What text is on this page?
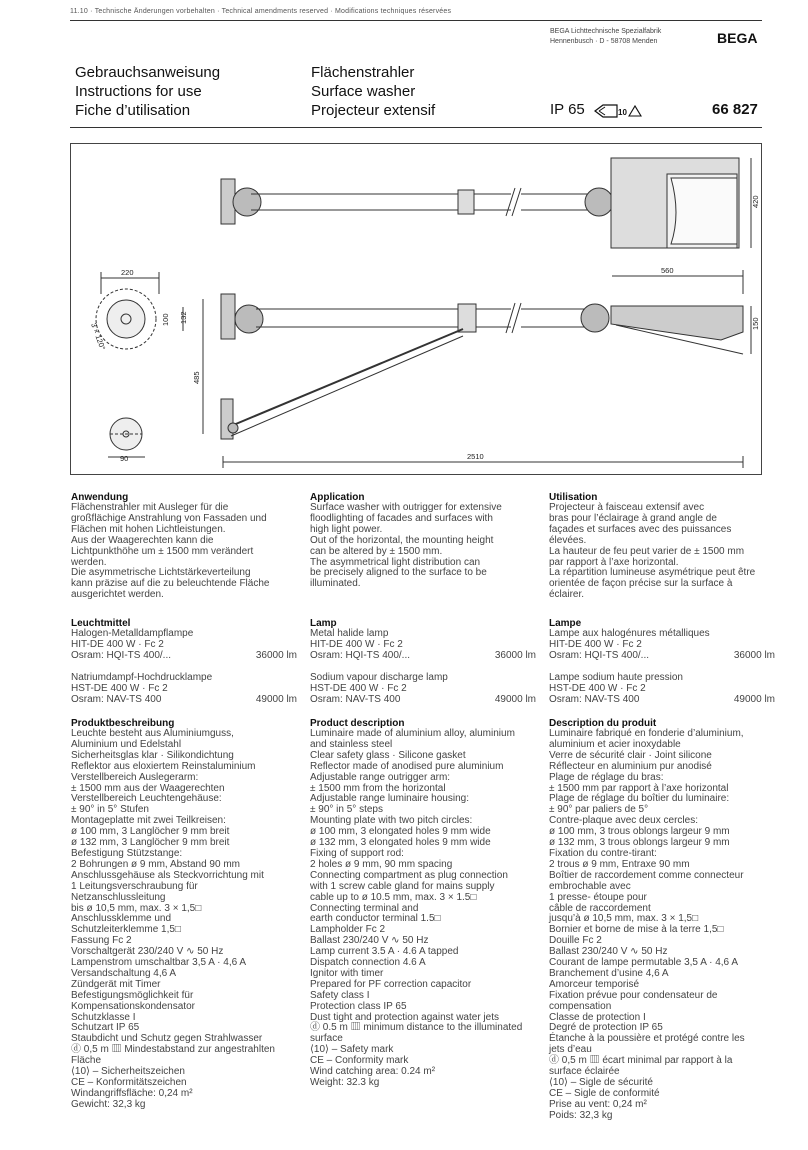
11.10 · Technische Änderungen vorbehalten · Technical amendments reserved · Modifications techniques réservées
BEGA Lichttechnische Spezialfabrik
Hennenbusch · D - 58708 Menden	BEGA
Gebrauchsanweisung
Instructions for use
Fiche d’utilisation
Flächenstrahler
Surface washer
Projecteur extensif	IP 65	10	66 827
220
132
100
3 × 120°
90
485
560
420
150
2510
Anwendung
Flächenstrahler mit Ausleger für die
großflächige Anstrahlung von Fassaden und
Flächen mit hohen Lichtleistungen.
Aus der Waagerechten kann die
Lichtpunkthöhe um ± 1500 mm verändert
werden.
Die asymmetrische Lichtstärkeverteilung
kann präzise auf die zu beleuchtende Fläche
ausgerichtet werden.
Leuchtmittel
Halogen-Metalldampflampe
HIT-DE 400 W · Fc 2
Osram: HQI-TS 400/...	36000 lm
Natriumdampf-Hochdrucklampe
HST-DE 400 W · Fc 2
Osram: NAV-TS 400	49000 lm
Produktbeschreibung
Leuchte besteht aus Aluminiumguss,
Aluminium und Edelstahl
Sicherheitsglas klar · Silikondichtung
Reflektor aus eloxiertem Reinstaluminium
Verstellbereich Auslegerarm:
± 1500 mm aus der Waagerechten
Verstellbereich Leuchtengehäuse:
± 90° in 5° Stufen
Montageplatte mit zwei Teilkreisen:
ø 100 mm, 3 Langlöcher 9 mm breit
ø 132 mm, 3 Langlöcher 9 mm breit
Befestigung Stützstange:
2 Bohrungen ø 9 mm, Abstand 90 mm
Anschlussgehäuse als Steckvorrichtung mit
1 Leitungsverschraubung für
Netzanschlussleitung
bis ø 10,5 mm, max. 3 × 1,5□
Anschlussklemme und
Schutzleiterklemme 1,5□
Fassung Fc 2
Vorschaltgerät 230/240 V ∿ 50 Hz
Lampenstrom umschaltbar 3,5 A · 4,6 A
Versandschaltung 4,6 A
Zündgerät mit Timer
Befestigungsmöglichkeit für
Kompensationskondensator
Schutzklasse I
Schutzart IP 65
Staubdicht und Schutz gegen Strahlwasser
ⓓ 0,5 m ▥ Mindestabstand zur angestrahlten
Fläche
⟨10⟩ – Sicherheitszeichen
CE – Konformitätszeichen
Windangriffsfläche: 0,24 m²
Gewicht: 32,3 kg
Application
Surface washer with outrigger for extensive
floodlighting of facades and surfaces with
high light power.
Out of the horizontal, the mounting height
can be altered by ± 1500 mm.
The asymmetrical light distribution can
be precisely aligned to the surface to be
illuminated.
Lamp
Metal halide lamp
HIT-DE 400 W · Fc 2
Osram: HQI-TS 400/...	36000 lm
Sodium vapour discharge lamp
HST-DE 400 W · Fc 2
Osram: NAV-TS 400	49000 lm
Product description
Luminaire made of aluminium alloy, aluminium
and stainless steel
Clear safety glass · Silicone gasket
Reflector made of anodised pure aluminium
Adjustable range outrigger arm:
± 1500 mm from the horizontal
Adjustable range luminaire housing:
± 90° in 5° steps
Mounting plate with two pitch circles:
ø 100 mm, 3 elongated holes 9 mm wide
ø 132 mm, 3 elongated holes 9 mm wide
Fixing of support rod:
2 holes ø 9 mm, 90 mm spacing
Connecting compartment as plug connection
with 1 screw cable gland for mains supply
cable up to ø 10.5 mm, max. 3 × 1.5□
Connecting terminal and
earth conductor terminal 1.5□
Lampholder Fc 2
Ballast 230/240 V ∿ 50 Hz
Lamp current 3.5 A · 4.6 A tapped
Dispatch connection 4.6 A
Ignitor with timer
Prepared for PF correction capacitor
Safety class I
Protection class IP 65
Dust tight and protection against water jets
ⓓ 0.5 m ▥ minimum distance to the illuminated
surface
⟨10⟩ – Safety mark
CE – Conformity mark
Wind catching area: 0.24 m²
Weight: 32.3 kg
Utilisation
Projecteur à faisceau extensif avec
bras pour l’éclairage à grand angle de
façades et surfaces avec des puissances
élevées.
La hauteur de feu peut varier de ± 1500 mm
par rapport à l’axe horizontal.
La répartition lumineuse asymétrique peut être
orientée de façon précise sur la surface à
éclairer.
Lampe
Lampe aux halogénures métalliques
HIT-DE 400 W · Fc 2
Osram: HQI-TS 400/...	36000 lm
Lampe sodium haute pression
HST-DE 400 W · Fc 2
Osram: NAV-TS 400	49000 lm
Description du produit
Luminaire fabriqué en fonderie d’aluminium,
aluminium et acier inoxydable
Verre de sécurité clair · Joint silicone
Réflecteur en aluminium pur anodisé
Plage de réglage du bras:
± 1500 mm par rapport à l’axe horizontal
Plage de réglage du boîtier du luminaire:
± 90° par paliers de 5°
Contre-plaque avec deux cercles:
ø 100 mm, 3 trous oblongs largeur 9 mm
ø 132 mm, 3 trous oblongs largeur 9 mm
Fixation du contre-tirant:
2 trous ø 9 mm, Entraxe 90 mm
Boîtier de raccordement comme connecteur
embrochable avec
1 presse- étoupe pour
câble de raccordement
jusqu’à ø 10,5 mm, max. 3 × 1,5□
Bornier et borne de mise à la terre 1,5□
Douille Fc 2
Ballast 230/240 V ∿ 50 Hz
Courant de lampe permutable 3,5 A · 4,6 A
Branchement d’usine 4,6 A
Amorceur temporisé
Fixation prévue pour condensateur de
compensation
Classe de protection I
Degré de protection IP 65
Étanche à la poussière et protégé contre les
jets d’eau
ⓓ 0,5 m ▥ écart minimal par rapport à la
surface éclairée
⟨10⟩ – Sigle de sécurité
CE – Sigle de conformité
Prise au vent: 0,24 m²
Poids: 32,3 kg
